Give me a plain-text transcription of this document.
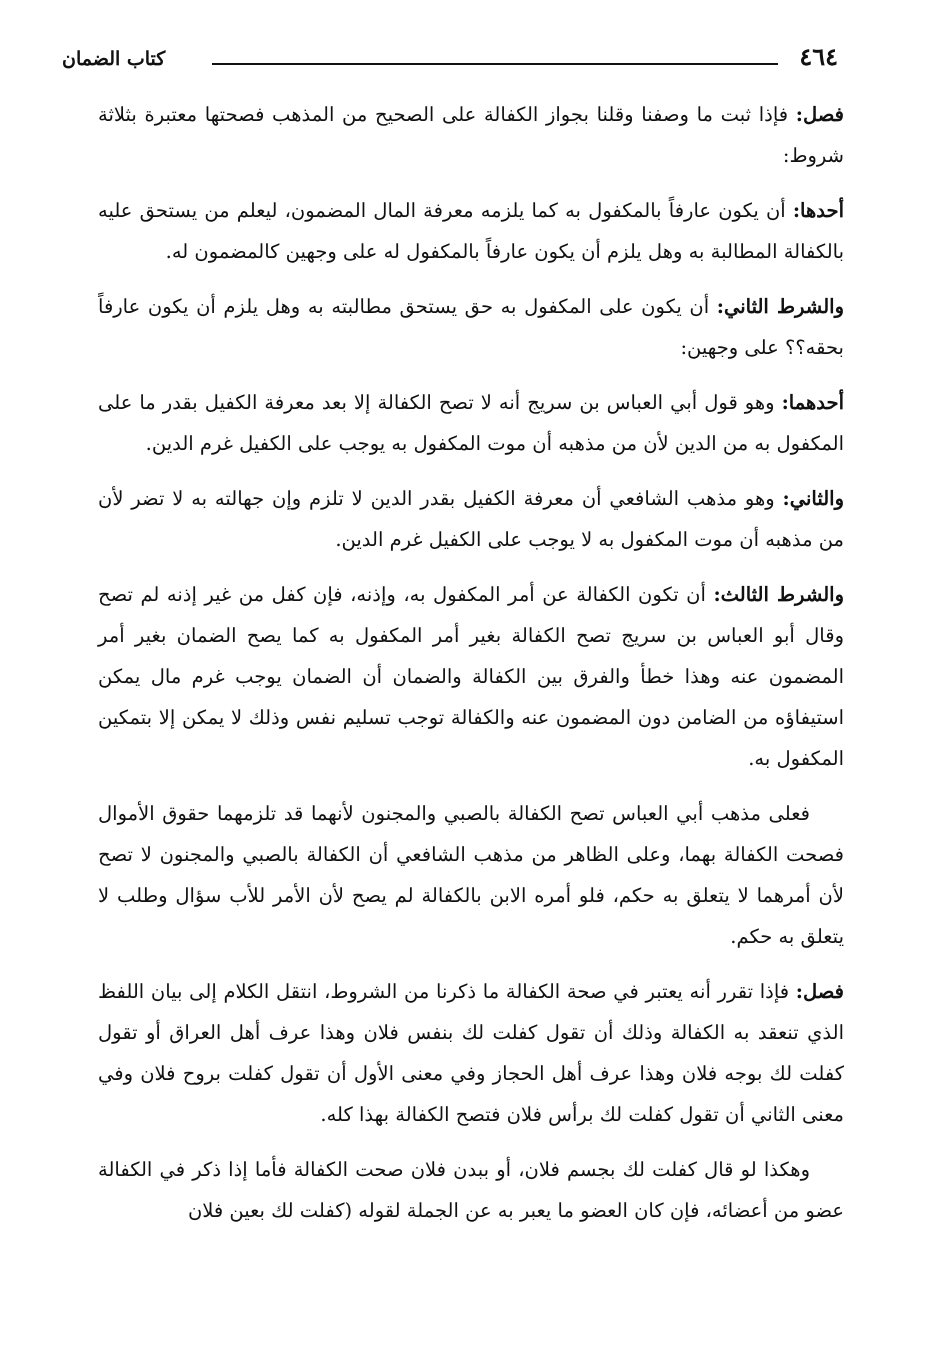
٤٦٤
كتاب الضمان

فصل: فإذا ثبت ما وصفنا وقلنا بجواز الكفالة على الصحيح من المذهب فصحتها معتبرة بثلاثة شروط:

أحدها: أن يكون عارفاً بالمكفول به كما يلزمه معرفة المال المضمون، ليعلم من يستحق عليه بالكفالة المطالبة به وهل يلزم أن يكون عارفاً بالمكفول له على وجهين كالمضمون له.

والشرط الثاني: أن يكون على المكفول به حق يستحق مطالبته به وهل يلزم أن يكون عارفاً بحقه؟؟ على وجهين:

أحدهما: وهو قول أبي العباس بن سريج أنه لا تصح الكفالة إلا بعد معرفة الكفيل بقدر ما على المكفول به من الدين لأن من مذهبه أن موت المكفول به يوجب على الكفيل غرم الدين.

والثاني: وهو مذهب الشافعي أن معرفة الكفيل بقدر الدين لا تلزم وإن جهالته به لا تضر لأن من مذهبه أن موت المكفول به لا يوجب على الكفيل غرم الدين.

والشرط الثالث: أن تكون الكفالة عن أمر المكفول به، وإذنه، فإن كفل من غير إذنه لم تصح وقال أبو العباس بن سريج تصح الكفالة بغير أمر المكفول به كما يصح الضمان بغير أمر المضمون عنه وهذا خطأ والفرق بين الكفالة والضمان أن الضمان يوجب غرم مال يمكن استيفاؤه من الضامن دون المضمون عنه والكفالة توجب تسليم نفس وذلك لا يمكن إلا بتمكين المكفول به.

فعلى مذهب أبي العباس تصح الكفالة بالصبي والمجنون لأنهما قد تلزمهما حقوق الأموال فصحت الكفالة بهما، وعلى الظاهر من مذهب الشافعي أن الكفالة بالصبي والمجنون لا تصح لأن أمرهما لا يتعلق به حكم، فلو أمره الابن بالكفالة لم يصح لأن الأمر للأب سؤال وطلب لا يتعلق به حكم.

فصل: فإذا تقرر أنه يعتبر في صحة الكفالة ما ذكرنا من الشروط، انتقل الكلام إلى بيان اللفظ الذي تنعقد به الكفالة وذلك أن تقول كفلت لك بنفس فلان وهذا عرف أهل العراق أو تقول كفلت لك بوجه فلان وهذا عرف أهل الحجاز وفي معنى الأول أن تقول كفلت بروح فلان وفي معنى الثاني أن تقول كفلت لك برأس فلان فتصح الكفالة بهذا كله.

وهكذا لو قال كفلت لك بجسم فلان، أو ببدن فلان صحت الكفالة فأما إذا ذكر في الكفالة عضو من أعضائه، فإن كان العضو ما يعبر به عن الجملة لقوله (كفلت لك بعين فلان
